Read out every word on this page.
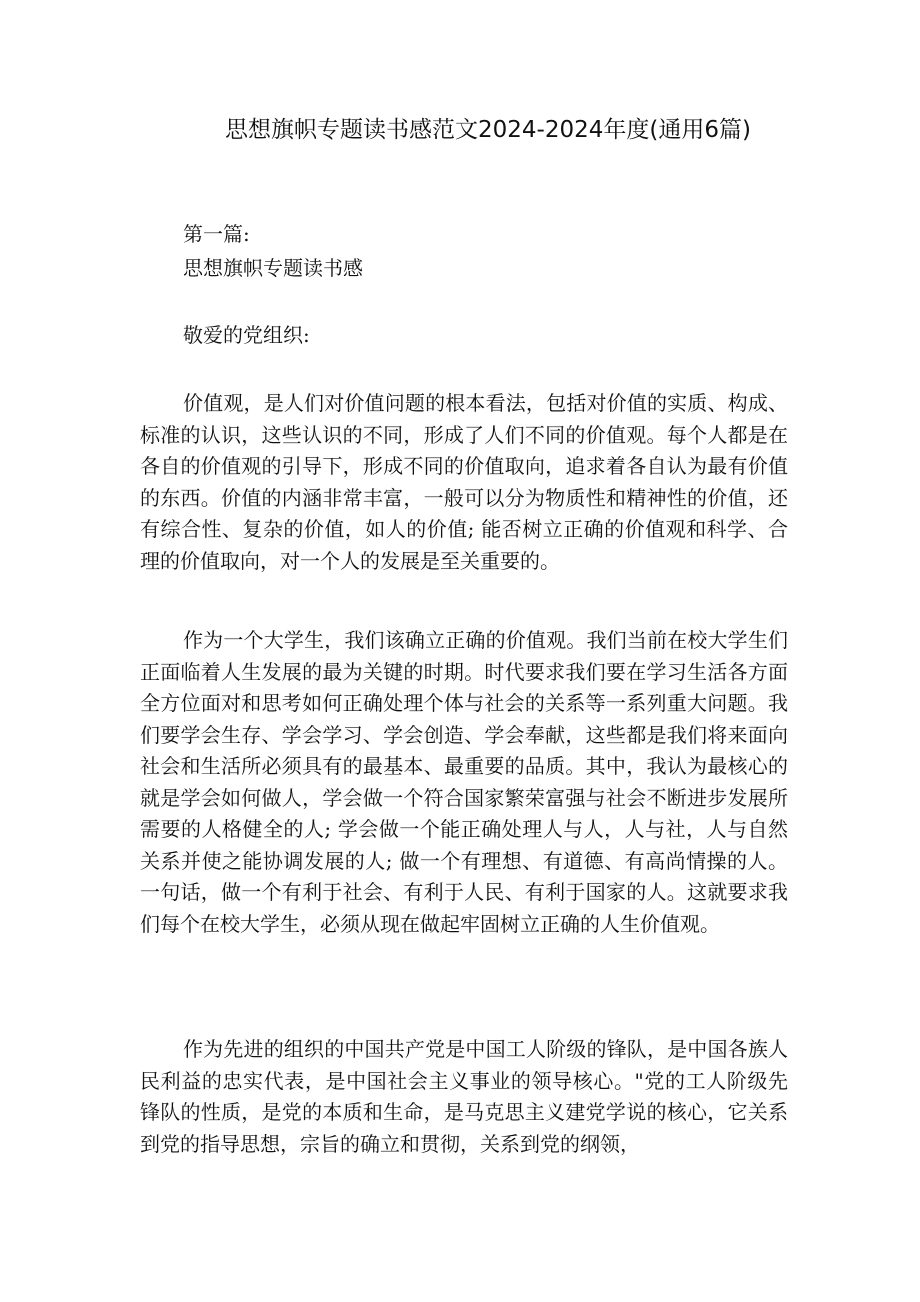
思想旗帜专题读书感范文2024-2024年度(通用6篇)
第一篇:
思想旗帜专题读书感
敬爱的党组织:

价值观，是人们对价值问题的根本看法，包括对价值的实质、构成、标准的认识，这些认识的不同，形成了人们不同的价值观。每个人都是在各自的价值观的引导下，形成不同的价值取向，追求着各自认为最有价值的东西。价值的内涵非常丰富，一般可以分为物质性和精神性的价值，还有综合性、复杂的价值，如人的价值; 能否树立正确的价值观和科学、合理的价值取向，对一个人的发展是至关重要的。

作为一个大学生，我们该确立正确的价值观。我们当前在校大学生们正面临着人生发展的最为关键的时期。时代要求我们要在学习生活各方面全方位面对和思考如何正确处理个体与社会的关系等一系列重大问题。我们要学会生存、学会学习、学会创造、学会奉献，这些都是我们将来面向社会和生活所必须具有的最基本、最重要的品质。其中，我认为最核心的就是学会如何做人，学会做一个符合国家繁荣富强与社会不断进步发展所需要的人格健全的人; 学会做一个能正确处理人与人，人与社，人与自然关系并使之能协调发展的人; 做一个有理想、有道德、有高尚情操的人。一句话，做一个有利于社会、有利于人民、有利于国家的人。这就要求我们每个在校大学生，必须从现在做起牢固树立正确的人生价值观。

作为先进的组织的中国共产党是中国工人阶级的锋队，是中国各族人民利益的忠实代表，是中国社会主义事业的领导核心。"党的工人阶级先锋队的性质，是党的本质和生命，是马克思主义建党学说的核心，它关系到党的指导思想，宗旨的确立和贯彻，关系到党的纲领，
